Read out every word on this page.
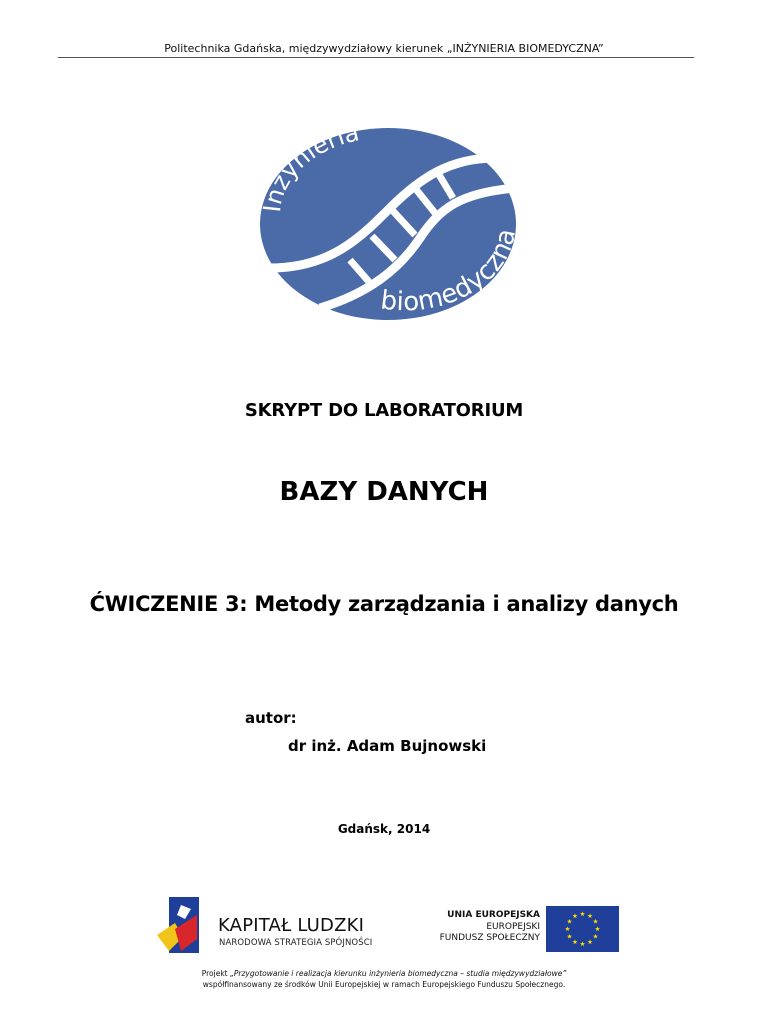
Politechnika Gdańska, międzywydziałowy kierunek „INŻYNIERIA BIOMEDYCZNA”
Inżynieria
biomedyczna
SKRYPT DO LABORATORIUM
BAZY DANYCH
ĆWICZENIE 3: Metody zarządzania i analizy danych
autor:
dr inż. Adam Bujnowski
Gdańsk, 2014
KAPITAŁ LUDZKI
NARODOWA STRATEGIA SPÓJNOŚCI
UNIA EUROPEJSKA
EUROPEJSKI
FUNDUSZ SPOŁECZNY
Projekt „Przygotowanie i realizacja kierunku inżynieria biomedyczna – studia międzywydziałowe”
współfinansowany ze środków Unii Europejskiej w ramach Europejskiego Funduszu Społecznego.
